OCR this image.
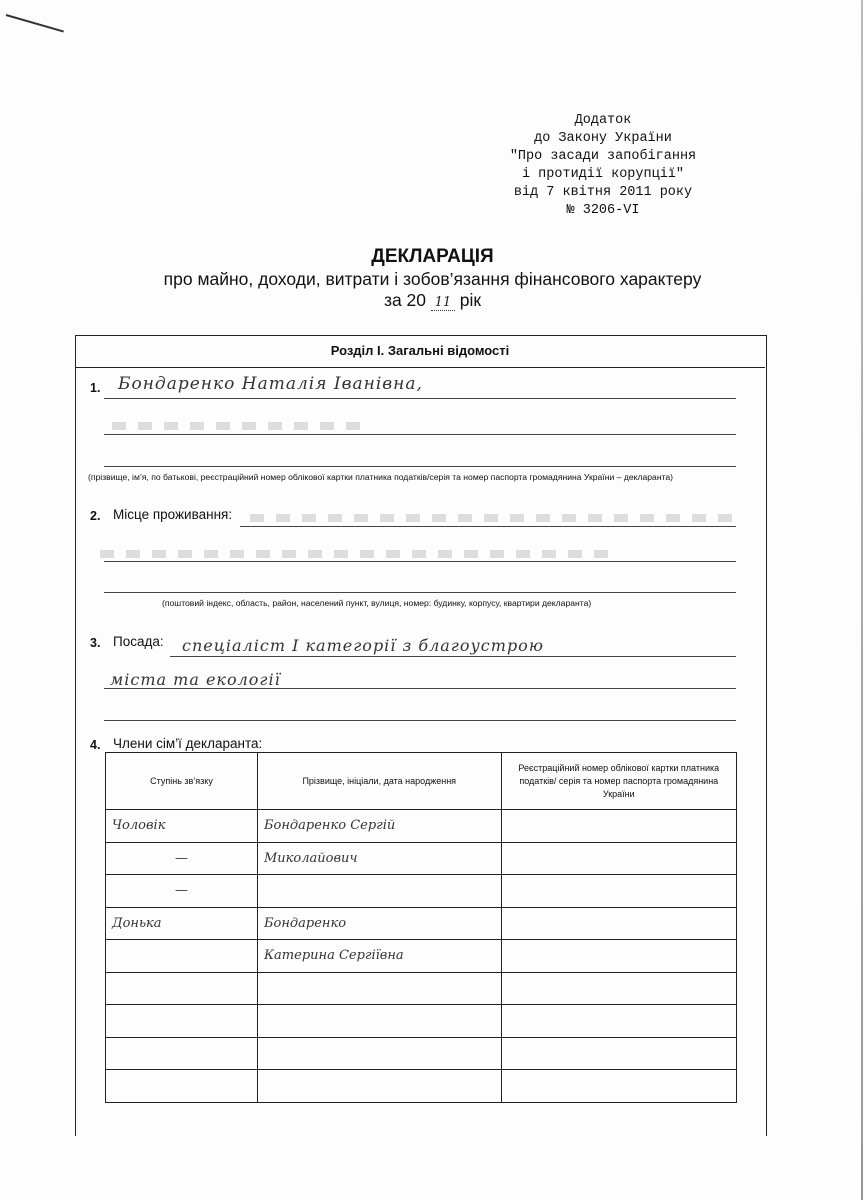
Додаток
до Закону України
"Про засади запобігання
і протидії корупції"
від 7 квітня 2011 року
№ 3206-VI
ДЕКЛАРАЦІЯ
про майно, доходи, витрати і зобов’язання фінансового характеру
за 20 11 рік
Розділ I. Загальні відомості
1. Бондаренко Наталія Іванівна,
(прізвище, ім’я, по батькові, реєстраційний номер облікової картки платника податків/серія та номер паспорта громадянина України – декларанта)
2. Місце проживання:
(поштовий індекс, область, район, населений пункт, вулиця, номер: будинку, корпусу, квартири декларанта)
3. Посада: спеціаліст І категорії з благоустрою
міста та екології
4. Члени сім’ї декларанта:
Ступінь зв’язку	Прізвище, ініціали, дата народження	Реєстраційний номер облікової картки платника податків/ серія та номер паспорта громадянина України
Чоловік	Бондаренко Сергій	
—	Миколайович	
—		
Донька	Бондаренко	
	Катерина Сергіївна	
